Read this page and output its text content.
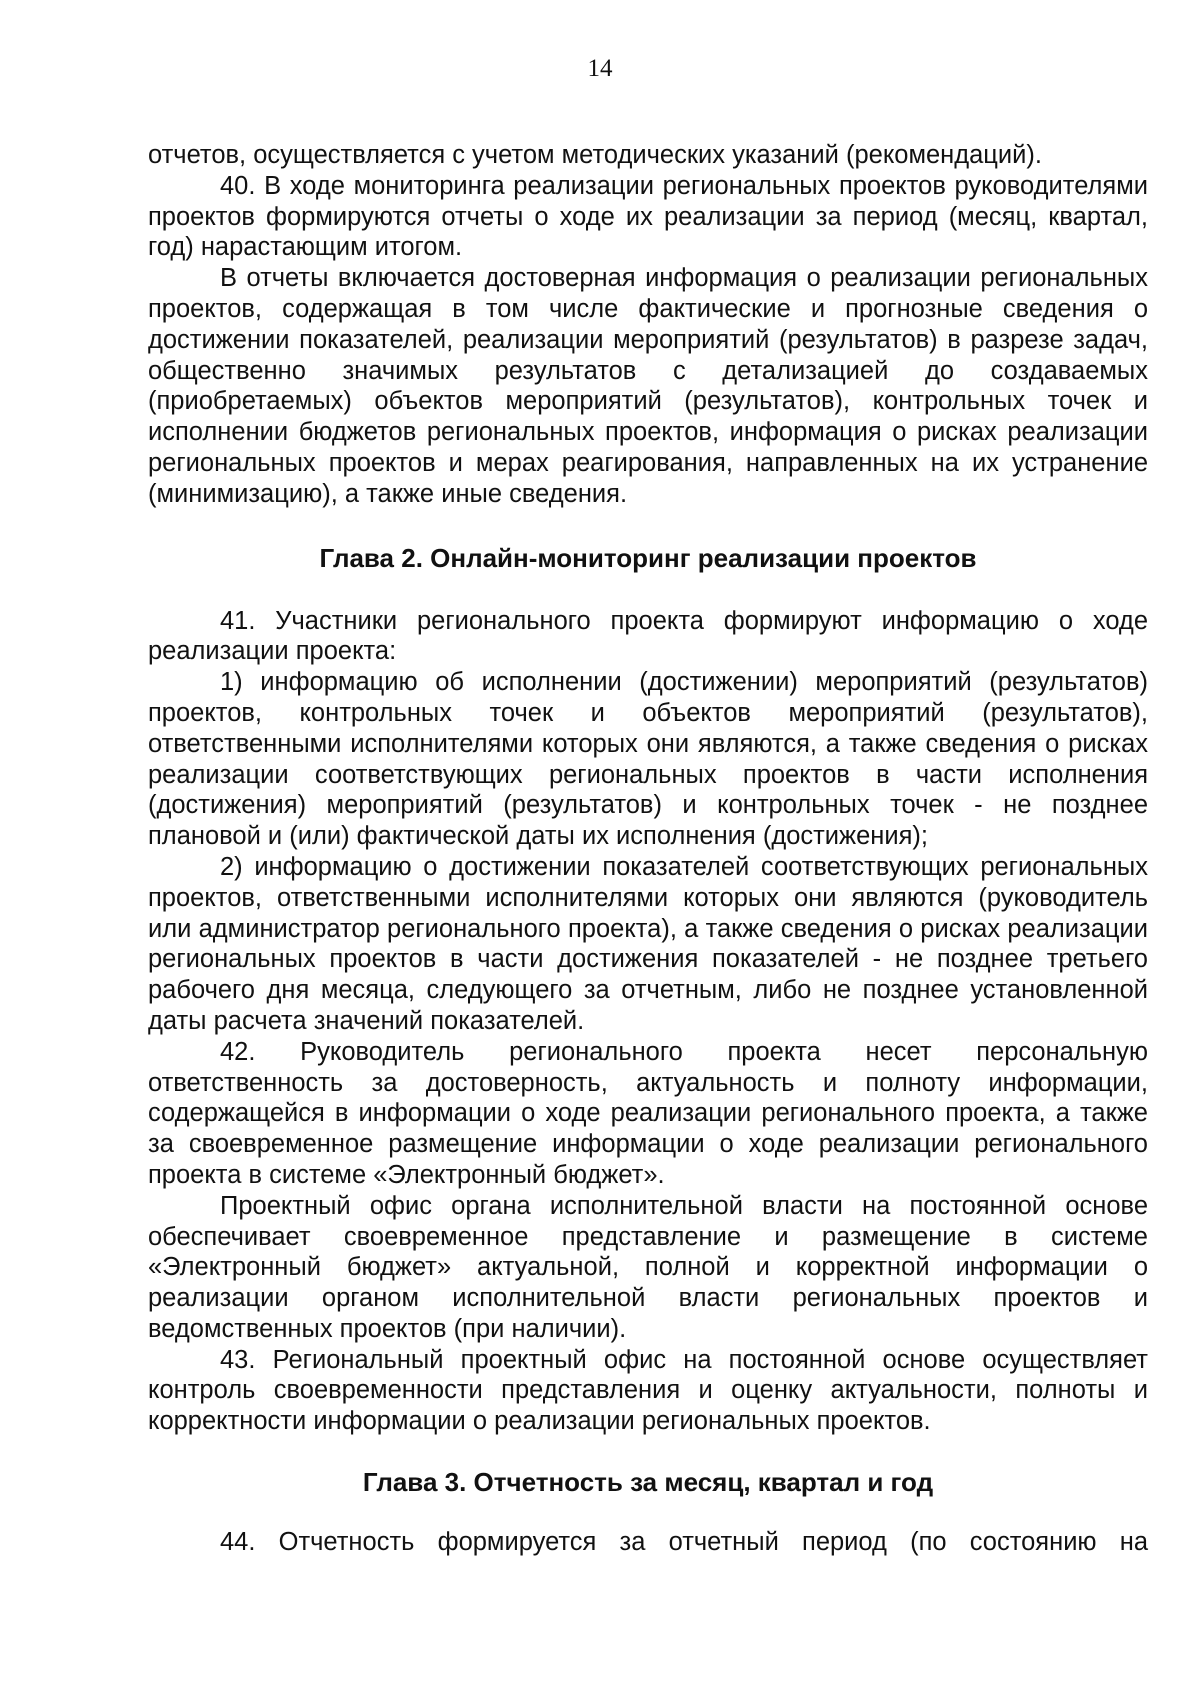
14

отчетов, осуществляется с учетом методических указаний (рекомендаций).

40. В ходе мониторинга реализации региональных проектов руководителями проектов формируются отчеты о ходе их реализации за период (месяц, квартал, год) нарастающим итогом.

В отчеты включается достоверная информация о реализации региональных проектов, содержащая в том числе фактические и прогнозные сведения о достижении показателей, реализации мероприятий (результатов) в разрезе задач, общественно значимых результатов с детализацией до создаваемых (приобретаемых) объектов мероприятий (результатов), контрольных точек и исполнении бюджетов региональных проектов, информация о рисках реализации региональных проектов и мерах реагирования, направленных на их устранение (минимизацию), а также иные сведения.

Глава 2. Онлайн-мониторинг реализации проектов

41. Участники регионального проекта формируют информацию о ходе реализации проекта:

1) информацию об исполнении (достижении) мероприятий (результатов) проектов, контрольных точек и объектов мероприятий (результатов), ответственными исполнителями которых они являются, а также сведения о рисках реализации соответствующих региональных проектов в части исполнения (достижения) мероприятий (результатов) и контрольных точек - не позднее плановой и (или) фактической даты их исполнения (достижения);

2) информацию о достижении показателей соответствующих региональных проектов, ответственными исполнителями которых они являются (руководитель или администратор регионального проекта), а также сведения о рисках реализации региональных проектов в части достижения показателей - не позднее третьего рабочего дня месяца, следующего за отчетным, либо не позднее установленной даты расчета значений показателей.

42. Руководитель регионального проекта несет персональную ответственность за достоверность, актуальность и полноту информации, содержащейся в информации о ходе реализации регионального проекта, а также за своевременное размещение информации о ходе реализации регионального проекта в системе «Электронный бюджет».

Проектный офис органа исполнительной власти на постоянной основе обеспечивает своевременное представление и размещение в системе «Электронный бюджет» актуальной, полной и корректной информации о реализации органом исполнительной власти региональных проектов и ведомственных проектов (при наличии).

43. Региональный проектный офис на постоянной основе осуществляет контроль своевременности представления и оценку актуальности, полноты и корректности информации о реализации региональных проектов.

Глава 3. Отчетность за месяц, квартал и год

44. Отчетность формируется за отчетный период (по состоянию на
